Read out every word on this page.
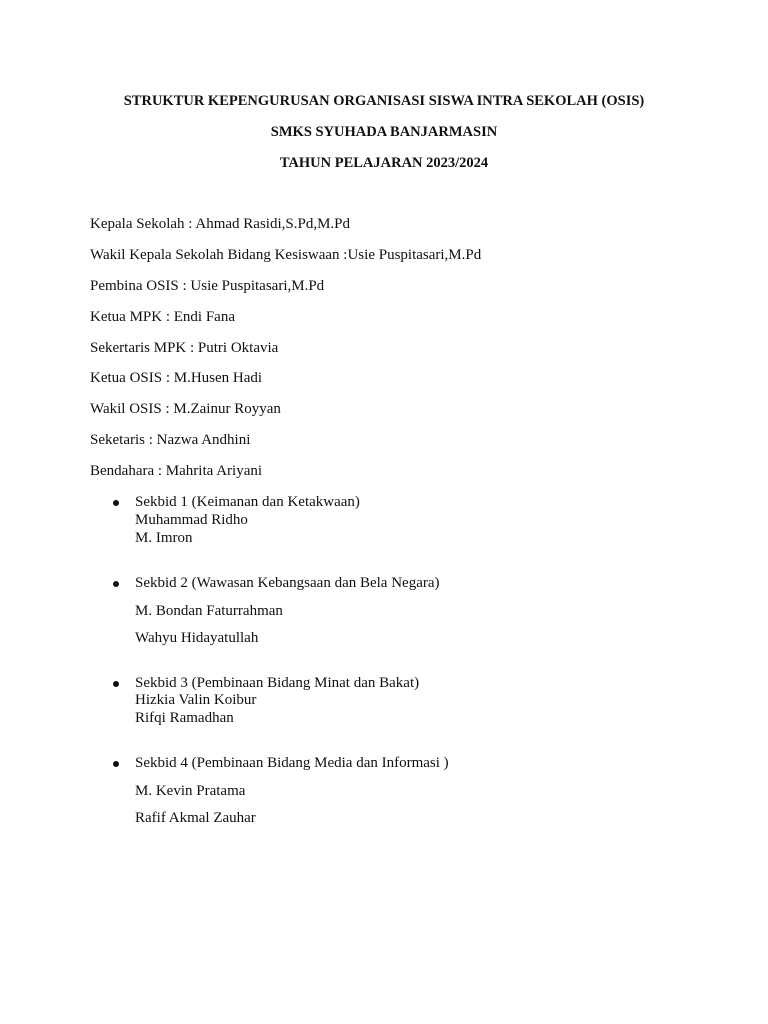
STRUKTUR KEPENGURUSAN ORGANISASI SISWA INTRA SEKOLAH (OSIS)
SMKS SYUHADA BANJARMASIN
TAHUN PELAJARAN 2023/2024
Kepala Sekolah : Ahmad Rasidi,S.Pd,M.Pd
Wakil Kepala Sekolah Bidang Kesiswaan :Usie Puspitasari,M.Pd
Pembina OSIS : Usie Puspitasari,M.Pd
Ketua MPK : Endi Fana
Sekertaris MPK : Putri Oktavia
Ketua OSIS : M.Husen Hadi
Wakil OSIS : M.Zainur Royyan
Seketaris : Nazwa Andhini
Bendahara : Mahrita Ariyani
Sekbid 1 (Keimanan dan Ketakwaan)
Muhammad Ridho
M. Imron
Sekbid 2 (Wawasan Kebangsaan dan Bela Negara)
M. Bondan Faturrahman
Wahyu Hidayatullah
Sekbid 3 (Pembinaan Bidang Minat dan Bakat)
Hizkia Valin Koibur
Rifqi Ramadhan
Sekbid 4 (Pembinaan Bidang Media dan Informasi )
M. Kevin Pratama
Rafif Akmal Zauhar
